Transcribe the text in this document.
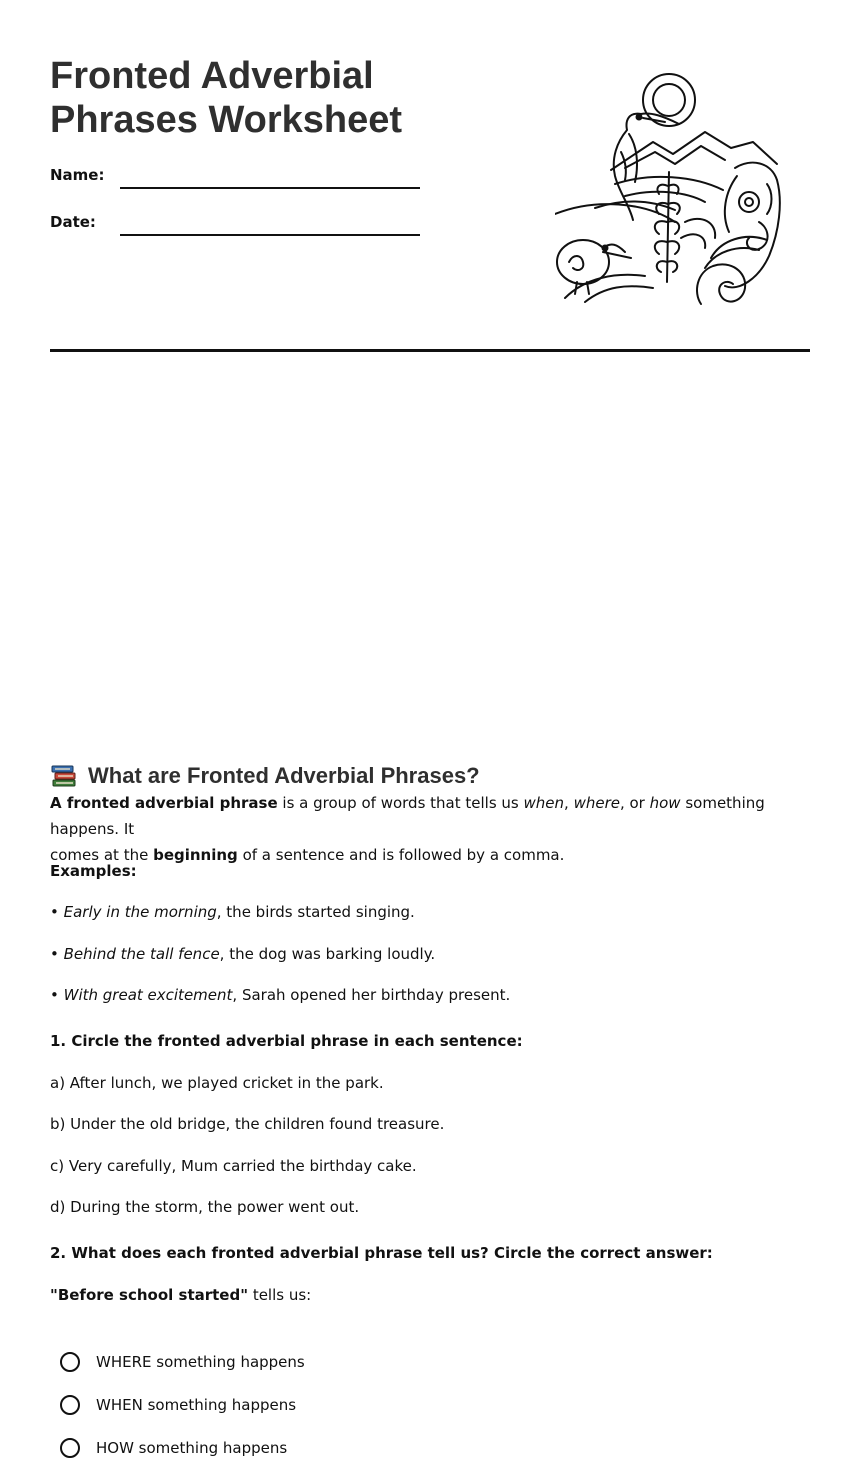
Fronted Adverbial
Phrases Worksheet
Name:
Date:
What are Fronted Adverbial Phrases?
A fronted adverbial phrase is a group of words that tells us when, where, or how something happens. It
comes at the beginning of a sentence and is followed by a comma.
Examples:
• Early in the morning, the birds started singing.
• Behind the tall fence, the dog was barking loudly.
• With great excitement, Sarah opened her birthday present.
1. Circle the fronted adverbial phrase in each sentence:
a) After lunch, we played cricket in the park.
b) Under the old bridge, the children found treasure.
c) Very carefully, Mum carried the birthday cake.
d) During the storm, the power went out.
2. What does each fronted adverbial phrase tell us? Circle the correct answer:
"Before school started" tells us:
WHERE something happens
WHEN something happens
HOW something happens
